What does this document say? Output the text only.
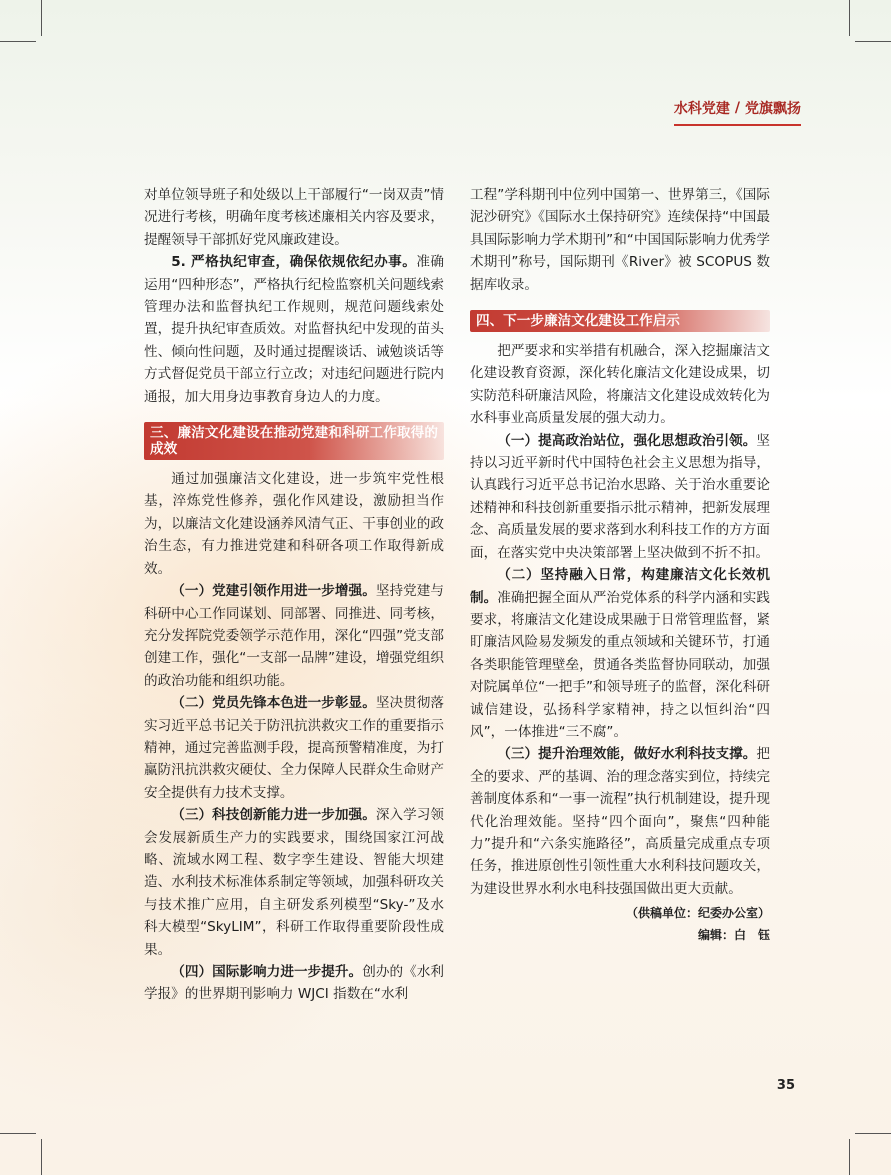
水科党建 / 党旗飘扬

对单位领导班子和处级以上干部履行“一岗双责”情况进行考核，明确年度考核述廉相关内容及要求，提醒领导干部抓好党风廉政建设。

5. 严格执纪审查，确保依规依纪办事。准确运用“四种形态”，严格执行纪检监察机关问题线索管理办法和监督执纪工作规则，规范问题线索处置，提升执纪审查质效。对监督执纪中发现的苗头性、倾向性问题，及时通过提醒谈话、诫勉谈话等方式督促党员干部立行立改；对违纪问题进行院内通报，加大用身边事教育身边人的力度。

三、廉洁文化建设在推动党建和科研工作取得的成效

通过加强廉洁文化建设，进一步筑牢党性根基，淬炼党性修养，强化作风建设，激励担当作为，以廉洁文化建设涵养风清气正、干事创业的政治生态，有力推进党建和科研各项工作取得新成效。

（一）党建引领作用进一步增强。坚持党建与科研中心工作同谋划、同部署、同推进、同考核，充分发挥院党委领学示范作用，深化“四强”党支部创建工作，强化“一支部一品牌”建设，增强党组织的政治功能和组织功能。

（二）党员先锋本色进一步彰显。坚决贯彻落实习近平总书记关于防汛抗洪救灾工作的重要指示精神，通过完善监测手段，提高预警精准度，为打赢防汛抗洪救灾硬仗、全力保障人民群众生命财产安全提供有力技术支撑。

（三）科技创新能力进一步加强。深入学习领会发展新质生产力的实践要求，围绕国家江河战略、流域水网工程、数字孪生建设、智能大坝建造、水利技术标准体系制定等领域，加强科研攻关与技术推广应用，自主研发系列模型“Sky-”及水科大模型“SkyLIM”，科研工作取得重要阶段性成果。

（四）国际影响力进一步提升。创办的《水利学报》的世界期刊影响力 WJCI 指数在“水利

工程”学科期刊中位列中国第一、世界第三，《国际泥沙研究》《国际水土保持研究》连续保持“中国最具国际影响力学术期刊”和“中国国际影响力优秀学术期刊”称号，国际期刊《River》被 SCOPUS 数据库收录。

四、下一步廉洁文化建设工作启示

把严要求和实举措有机融合，深入挖掘廉洁文化建设教育资源，深化转化廉洁文化建设成果，切实防范科研廉洁风险，将廉洁文化建设成效转化为水科事业高质量发展的强大动力。

（一）提高政治站位，强化思想政治引领。坚持以习近平新时代中国特色社会主义思想为指导，认真践行习近平总书记治水思路、关于治水重要论述精神和科技创新重要指示批示精神，把新发展理念、高质量发展的要求落到水利科技工作的方方面面，在落实党中央决策部署上坚决做到不折不扣。

（二）坚持融入日常，构建廉洁文化长效机制。准确把握全面从严治党体系的科学内涵和实践要求，将廉洁文化建设成果融于日常管理监督，紧盯廉洁风险易发频发的重点领域和关键环节，打通各类职能管理壁垒，贯通各类监督协同联动，加强对院属单位“一把手”和领导班子的监督，深化科研诚信建设，弘扬科学家精神，持之以恒纠治“四风”，一体推进“三不腐”。

（三）提升治理效能，做好水利科技支撑。把全的要求、严的基调、治的理念落实到位，持续完善制度体系和“一事一流程”执行机制建设，提升现代化治理效能。坚持“四个面向”，聚焦“四种能力”提升和“六条实施路径”，高质量完成重点专项任务，推进原创性引领性重大水利科技问题攻关，为建设世界水利水电科技强国做出更大贡献。

（供稿单位：纪委办公室）
编辑：白　钰
35
